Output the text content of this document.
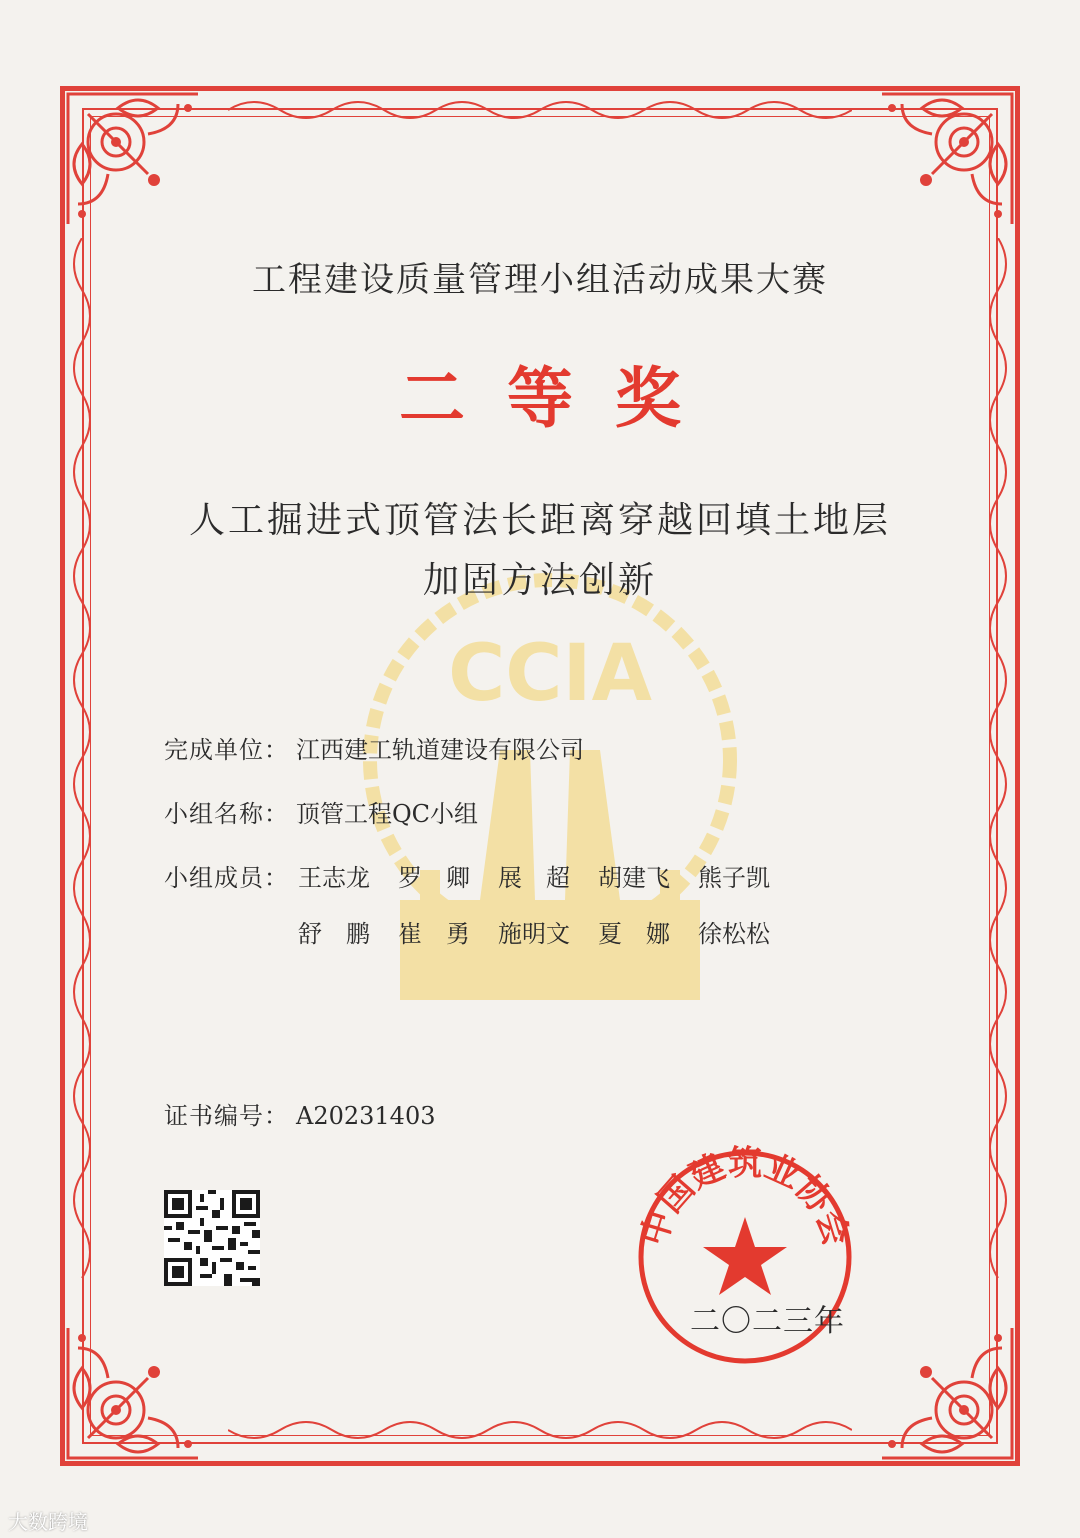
CCIA
工程建设质量管理小组活动成果大赛
二等奖
人工掘进式顶管法长距离穿越回填土地层
加固方法创新
完成单位： 江西建工轨道建设有限公司
小组名称： 顶管工程QC小组
小组成员： 王志龙 罗　卿 展　超 胡建飞 熊子凯
舒　鹏 崔　勇 施明文 夏　娜 徐松松
证书编号： A20231403
中国建筑业协会
二〇二三年
大数跨境
